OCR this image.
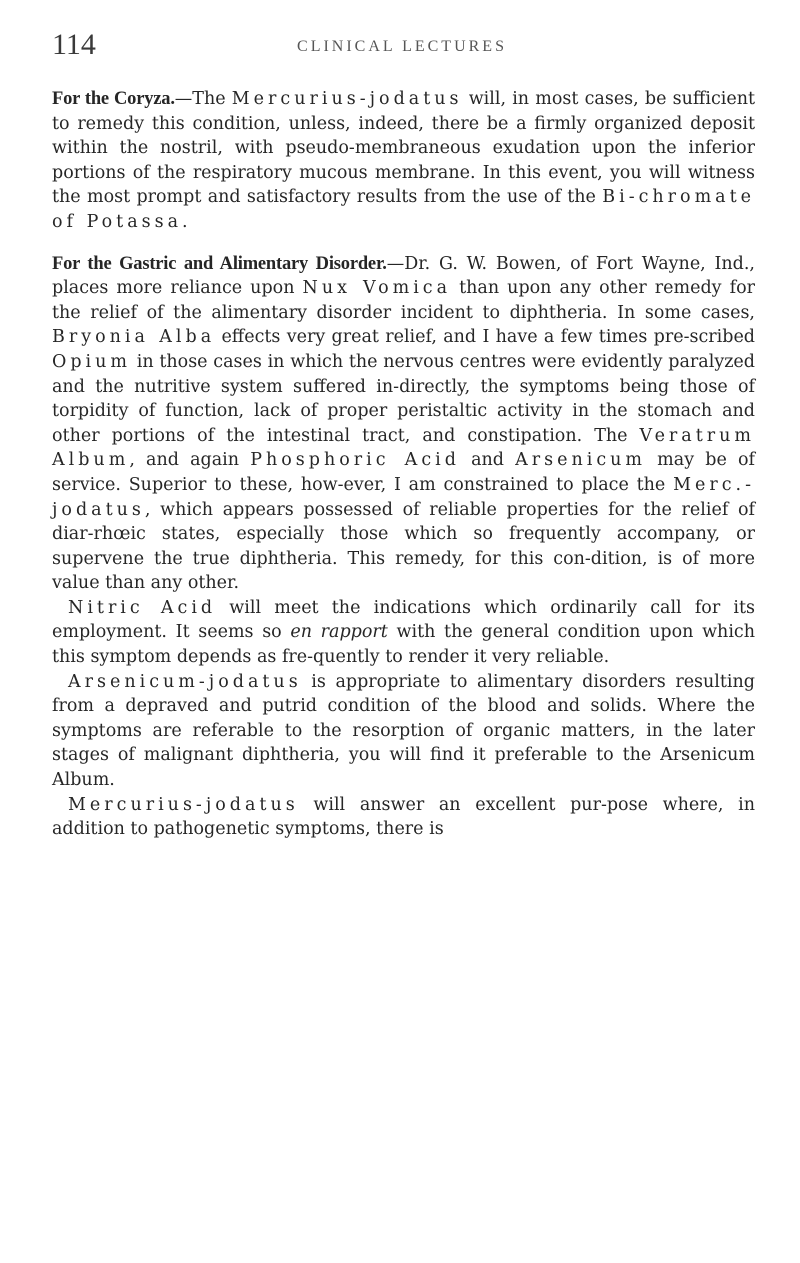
114	CLINICAL LECTURES

For the Coryza.—The Mercurius-jodatus will, in most cases, be sufficient to remedy this condition, unless, indeed, there be a firmly organized deposit within the nostril, with pseudo-membraneous exudation upon the inferior portions of the respiratory mucous membrane. In this event, you will witness the most prompt and satisfactory results from the use of the Bi-chromate of Potassa.

For the Gastric and Alimentary Disorder.—Dr. G. W. Bowen, of Fort Wayne, Ind., places more reliance upon Nux Vomica than upon any other remedy for the relief of the alimentary disorder incident to diphtheria. In some cases, Bryonia Alba effects very great relief, and I have a few times pre-scribed Opium in those cases in which the nervous centres were evidently paralyzed and the nutritive system suffered in-directly, the symptoms being those of torpidity of function, lack of proper peristaltic activity in the stomach and other portions of the intestinal tract, and constipation. The Veratrum Album, and again Phosphoric Acid and Arsenicum may be of service. Superior to these, how-ever, I am constrained to place the Merc.-jodatus, which appears possessed of reliable properties for the relief of diar-rhœic states, especially those which so frequently accompany, or supervene the true diphtheria. This remedy, for this con-dition, is of more value than any other.

Nitric Acid will meet the indications which ordinarily call for its employment. It seems so en rapport with the general condition upon which this symptom depends as fre-quently to render it very reliable.

Arsenicum-jodatus is appropriate to alimentary disorders resulting from a depraved and putrid condition of the blood and solids. Where the symptoms are referable to the resorption of organic matters, in the later stages of malignant diphtheria, you will find it preferable to the Arsenicum Album.

Mercurius-jodatus will answer an excellent pur-pose where, in addition to pathogenetic symptoms, there is
